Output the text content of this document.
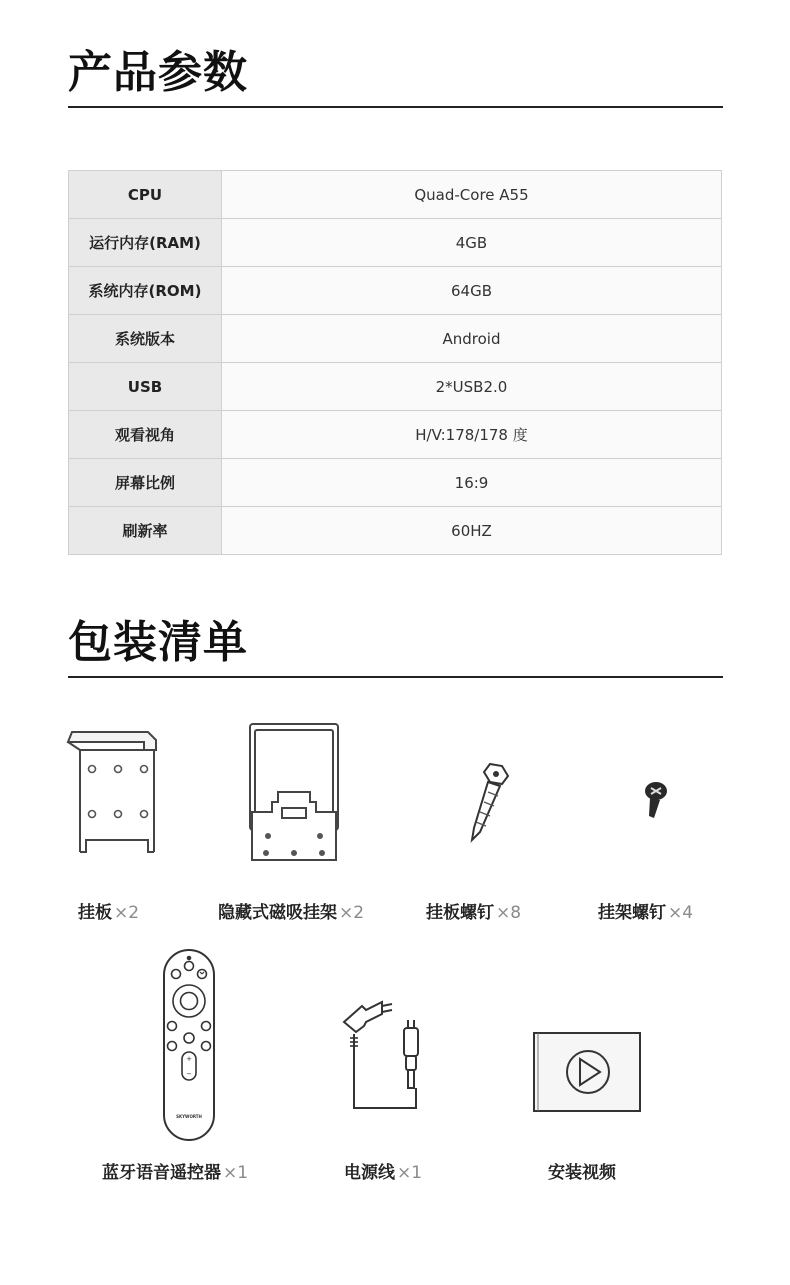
产品参数
CPU	Quad-Core A55
运行内存(RAM)	4GB
系统内存(ROM)	64GB
系统版本	Android
USB	2*USB2.0
观看视角	H/V:178/178 度
屏幕比例	16:9
刷新率	60HZ
包装清单
挂板 ×2	隐藏式磁吸挂架 ×2	挂板螺钉 ×8	挂架螺钉 ×4
+
−
SKYWORTH
蓝牙语音遥控器 ×1	电源线 ×1	安装视频
